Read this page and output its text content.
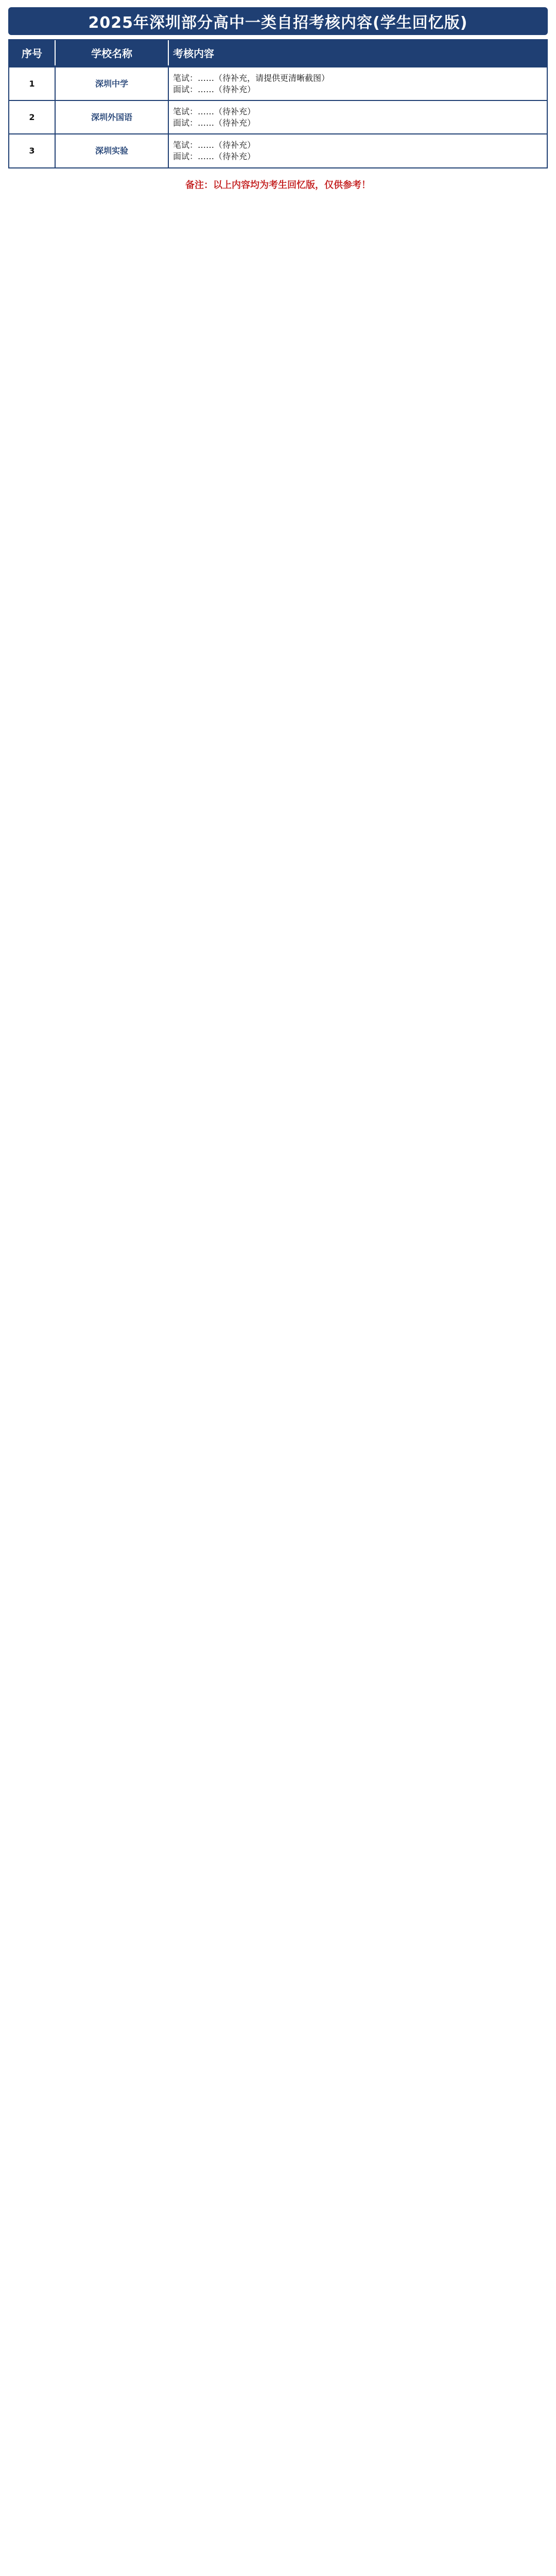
2025年深圳部分高中一类自招考核内容(学生回忆版)
序号	学校名称	考核内容
1	深圳中学
笔试：……（待补充，请提供更清晰截图）
面试：……（待补充）
2	深圳外国语
笔试：……（待补充）
面试：……（待补充）
3	深圳实验
笔试：……（待补充）
面试：……（待补充）
备注：以上内容均为考生回忆版，仅供参考！
